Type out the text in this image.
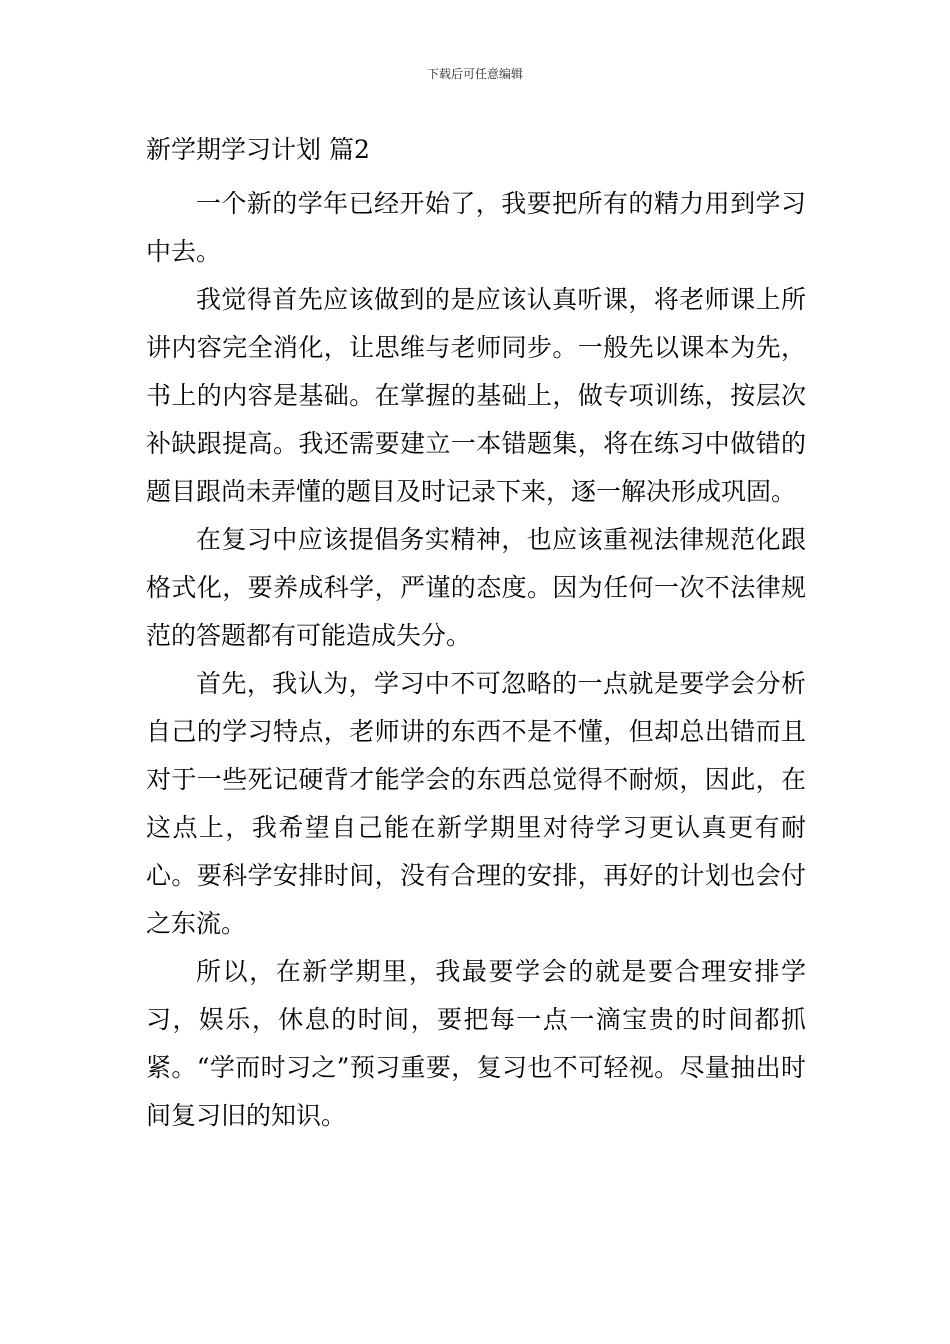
下载后可任意编辑
新学期学习计划 篇2

一个新的学年已经开始了，我要把所有的精力用到学习中去。

我觉得首先应该做到的是应该认真听课，将老师课上所讲内容完全消化，让思维与老师同步。一般先以课本为先，书上的内容是基础。在掌握的基础上，做专项训练，按层次补缺跟提高。我还需要建立一本错题集，将在练习中做错的题目跟尚未弄懂的题目及时记录下来，逐一解决形成巩固。

在复习中应该提倡务实精神，也应该重视法律规范化跟格式化，要养成科学，严谨的态度。因为任何一次不法律规范的答题都有可能造成失分。

首先，我认为，学习中不可忽略的一点就是要学会分析自己的学习特点，老师讲的东西不是不懂，但却总出错而且对于一些死记硬背才能学会的东西总觉得不耐烦，因此，在这点上，我希望自己能在新学期里对待学习更认真更有耐心。要科学安排时间，没有合理的安排，再好的计划也会付之东流。

所以，在新学期里，我最要学会的就是要合理安排学习，娱乐，休息的时间，要把每一点一滴宝贵的时间都抓紧。“学而时习之”预习重要，复习也不可轻视。尽量抽出时间复习旧的知识。
